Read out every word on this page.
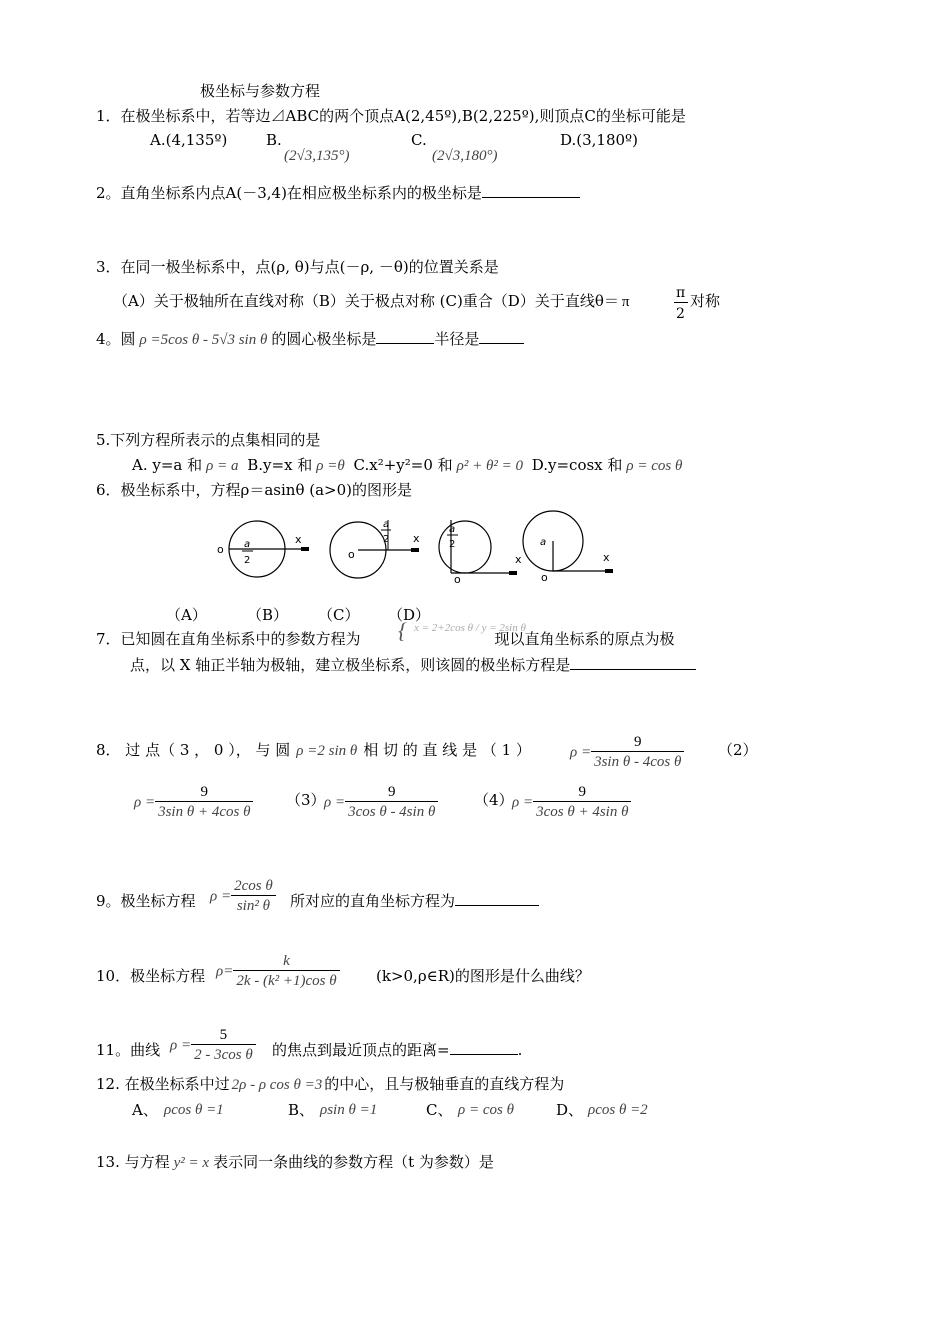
极坐标与参数方程
1．在极坐标系中，若等边⊿ABC的两个顶点A(2,45º),B(2,225º),则顶点C的坐标可能是
A.(4,135º)	B.
(2√3,135°)
C.
(2√3,180°)
D.(3,180º)
2。直角坐标系内点A(－3,4)在相应极坐标系内的极坐标是
3．在同一极坐标系中，点(ρ, θ)与点(－ρ, －θ)的位置关系是
（A）关于极轴所在直线对称（B）关于极点对称 (C)重合（D）关于直线θ＝ π
π
2
对称
4。圆 ρ =5cos θ - 5√3 sin θ 的圆心极坐标是	半径是
5.下列方程所表示的点集相同的是
A. y=a 和 ρ = a B.y=x 和 ρ =θ C.x²+y²=0 和 ρ² + θ² = 0 D.y=cosx 和 ρ = cos θ
6．极坐标系中，方程ρ＝asinθ (a>0)的图形是
o
x
a
2	o
x
a
2
o
x
a
2
o
x
a
（A）	（B） （C） （D）
7．已知圆在直角坐标系中的参数方程为	现以直角坐标系的原点为极
{ x = 2+2cos θ / y = 2sin θ
点，以 X 轴正半轴为极轴，建立极坐标系，则该圆的极坐标方程是
8． 过 点（ 3 ， 0 ）， 与 圆 ρ =2 sin θ 相 切 的 直 线 是 （ 1 ）	$\rho = \frac{9}{\text{3sin θ - 4cos θ}} (2)$
$\rho = \frac{9}{\text{3sin θ + 4cos θ}} (3)$
$\rho = \frac{9}{\text{3cos θ - 4sin θ}} (4)$
$\rho = \frac{9}{\text{3cos θ + 4sin θ}}$
9。极坐标方程 $\rho = \frac{\text{2cos θ}}{\text{sin² θ}}$ 所对应的直角坐标方程为
10．极坐标方程 $\rho= \frac{k}{\text{2k - (k² +1)cos θ}}$ (k>0,ρ∈R)的图形是什么曲线？
11。曲线 $\rho = \frac{5}{\text{2 - 3cos θ}}$ 的焦点到最近顶点的距离=	.
12. 在极坐标系中过 2ρ - ρ cos θ =3 的中心，且与极轴垂直的直线方程为
A、 ρcos θ =1	B、 ρsin θ =1	C、 ρ = cos θ	D、 ρcos θ =2
13. 与方程 y² = x 表示同一条曲线的参数方程（t 为参数）是
